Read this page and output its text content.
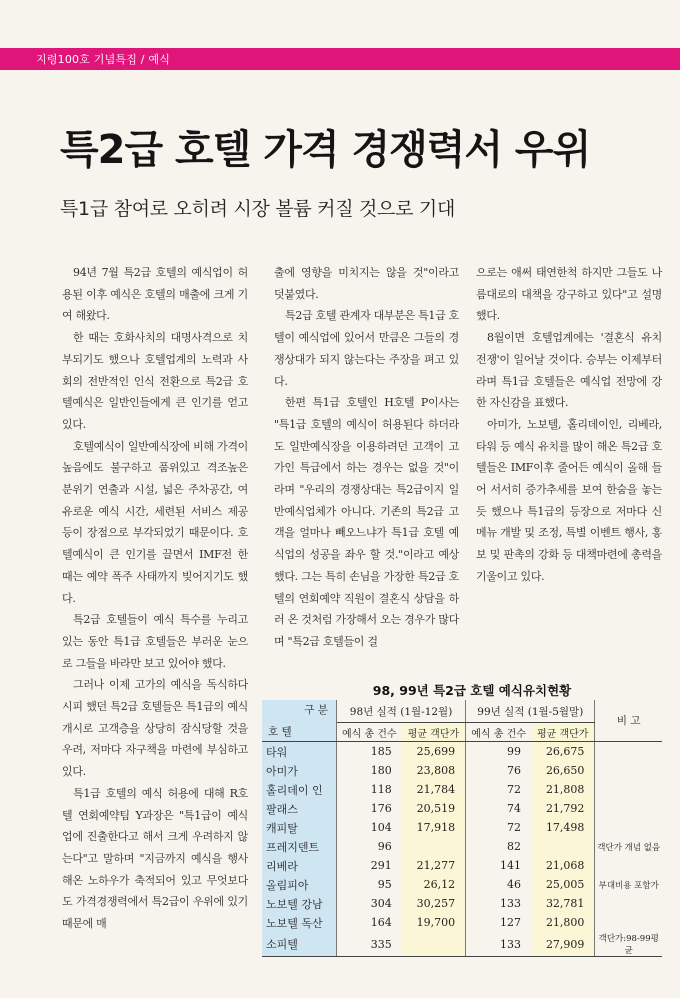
지령100호 기념특집 / 예식
특2급 호텔 가격 경쟁력서 우위
특1급 참여로 오히려 시장 볼륨 커질 것으로 기대

94년 7월 특2급 호텔의 예식업이 허용된 이후 예식은 호텔의 매출에 크게 기여 해왔다.

한 때는 호화사치의 대명사격으로 치부되기도 했으나 호텔업계의 노력과 사회의 전반적인 인식 전환으로 특2급 호텔예식은 일반인들에게 큰 인기를 얻고있다.

호텔예식이 일반예식장에 비해 가격이 높음에도 불구하고 품위있고 격조높은 분위기 연출과 시설, 넓은 주차공간, 여유로운 예식 시간, 세련된 서비스 제공 등이 장점으로 부각되었기 때문이다. 호텔예식이 큰 인기를 끌면서 IMF전 한 때는 예약 폭주 사태까지 빚어지기도 했다.

특2급 호텔들이 예식 특수를 누리고 있는 동안 특1급 호텔들은 부러운 눈으로 그들을 바라만 보고 있어야 했다.

그러나 이제 고가의 예식을 독식하다시피 했던 특2급 호텔들은 특1급의 예식개시로 고객층을 상당히 잠식당할 것을 우려, 저마다 자구책을 마련에 부심하고 있다.

특1급 호텔의 예식 허용에 대해 R호텔 연회예약팀 Y과장은 "특1급이 예식업에 진출한다고 해서 크게 우려하지 않는다"고 말하며 "지금까지 예식을 행사해온 노하우가 축적되어 있고 무엇보다도 가격경쟁력에서 특2급이 우위에 있기 때문에 매

출에 영향을 미치지는 않을 것"이라고 덧붙였다.

특2급 호텔 관계자 대부분은 특1급 호텔이 예식업에 있어서 만큼은 그들의 경쟁상대가 되지 않는다는 주장을 펴고 있다.

한편 특1급 호텔인 H호텔 P이사는 "특1급 호텔의 예식이 허용된다 하더라도 일반예식장을 이용하려던 고객이 고가인 특급에서 하는 경우는 없을 것"이라며 "우리의 경쟁상대는 특2급이지 일반예식업체가 아니다. 기존의 특2급 고객을 얼마나 빼오느냐가 특1급 호텔 예식업의 성공을 좌우 할 것."이라고 예상했다. 그는 특히 손님을 가장한 특2급 호텔의 연회예약 직원이 결혼식 상담을 하러 온 것처럼 가장해서 오는 경우가 많다며 "특2급 호텔들이 걸

으로는 애써 태연한척 하지만 그들도 나름대로의 대책을 강구하고 있다"고 설명했다.

8월이면 호텔업계에는 '결혼식 유치 전쟁'이 일어날 것이다. 승부는 이제부터라며 특1급 호텔들은 예식업 전망에 강한 자신감을 표했다.

아미가, 노보텔, 홀리데이인, 리베라, 타워 등 예식 유치를 많이 해온 특2급 호텔들은 IMF이후 줄어든 예식이 올해 들어 서서히 증가추세를 보여 한숨을 놓는 듯 했으나 특1급의 등장으로 저마다 신메뉴 개발 및 조정, 특별 이벤트 행사, 홍보 및 판촉의 강화 등 대책마련에 총력을 기울이고 있다.

98, 99년 특2급 호텔 예식유치현황
구 분
호 텔	98년 실적 (1월-12월)		99년 실적 (1월-5월말)		비 고
	예식 총 건수	평균 객단가	예식 총 건수	평균 객단가	
타워	185	25,699	99	26,675	
아미가	180	23,808	76	26,650	
홀리데이 인	118	21,784	72	21,808	
팔래스	176	20,519	74	21,792	
캐피탈	104	17,918	72	17,498	
프레지덴트	96		82		객단가 개념 없음
리베라	291	21,277	141	21,068	
올림피아	95	26,12	46	25,005	부대비용 포함가
노보텔 강남	304	30,257	133	32,781	
노보텔 독산	164	19,700	127	21,800	
소피텔	335		133	27,909	객단가:98-99평균
